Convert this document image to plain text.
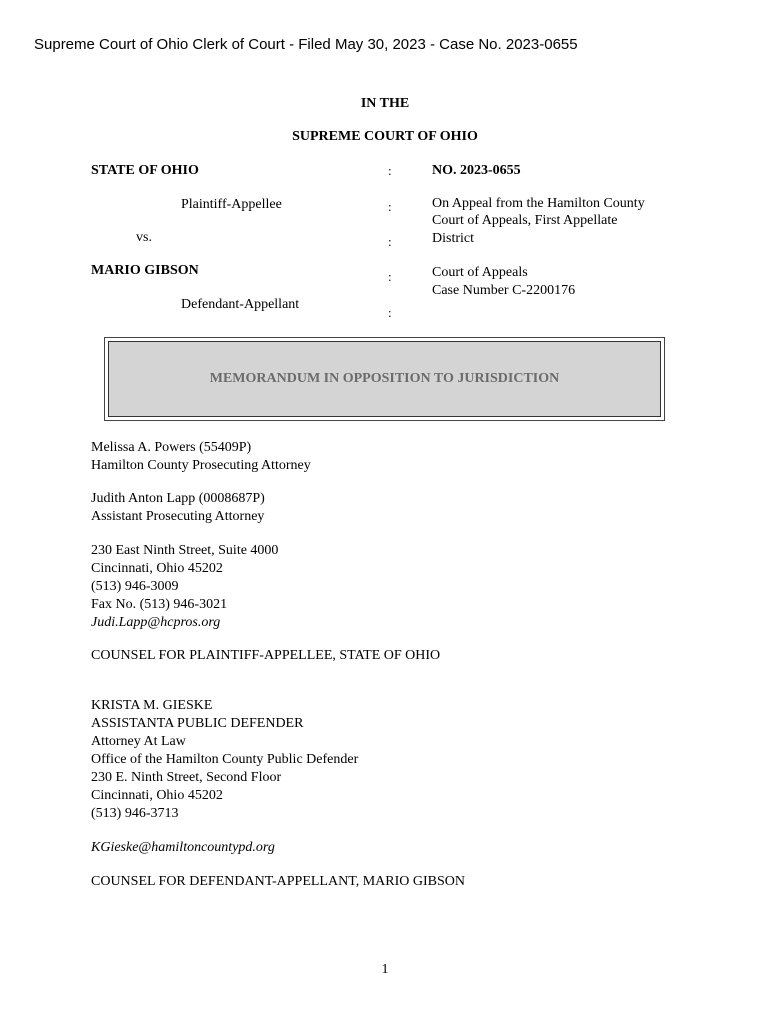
Supreme Court of Ohio Clerk of Court - Filed May 30, 2023 - Case No. 2023-0655
IN THE
SUPREME COURT OF OHIO
STATE OF OHIO
Plaintiff-Appellee
vs.
MARIO GIBSON
Defendant-Appellant
:
:
:
:
:
NO. 2023-0655
On Appeal from the Hamilton County
Court of Appeals, First Appellate
District
Court of Appeals
Case Number C-2200176
MEMORANDUM IN OPPOSITION TO JURISDICTION
Melissa A. Powers (55409P)
Hamilton County Prosecuting Attorney
Judith Anton Lapp (0008687P)
Assistant Prosecuting Attorney
230 East Ninth Street, Suite 4000
Cincinnati, Ohio 45202
(513) 946-3009
Fax No. (513) 946-3021
Judi.Lapp@hcpros.org
COUNSEL FOR PLAINTIFF-APPELLEE, STATE OF OHIO
KRISTA M. GIESKE
ASSISTANTA PUBLIC DEFENDER
Attorney At Law
Office of the Hamilton County Public Defender
230 E. Ninth Street, Second Floor
Cincinnati, Ohio 45202
(513) 946-3713
KGieske@hamiltoncountypd.org
COUNSEL FOR DEFENDANT-APPELLANT, MARIO GIBSON
1
